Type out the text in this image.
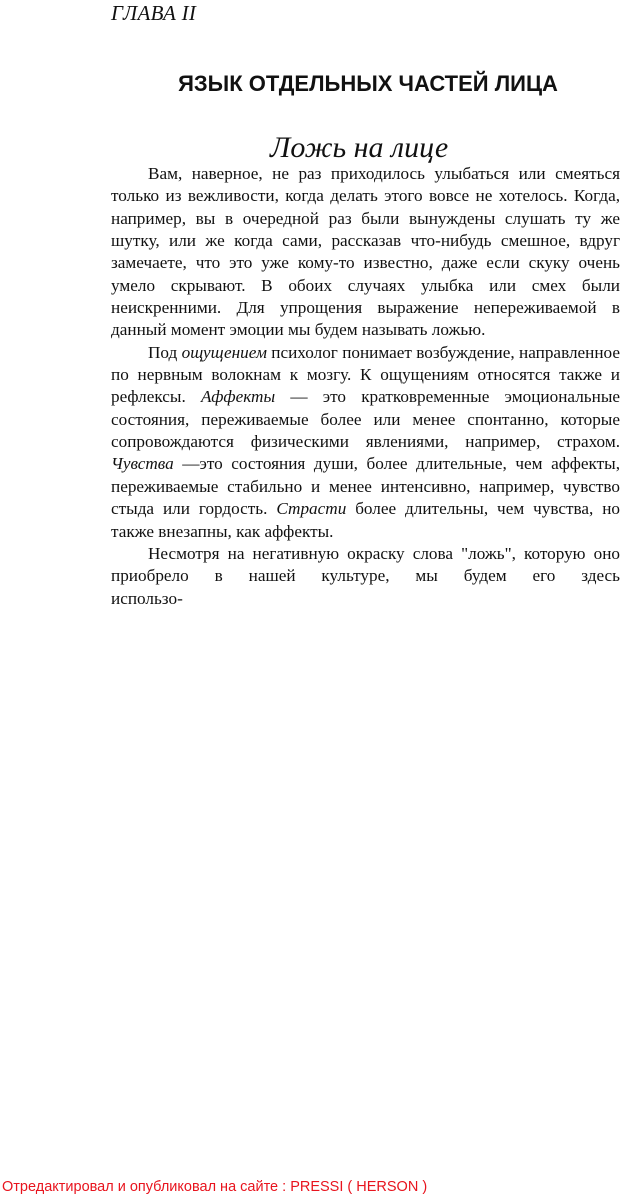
ГЛАВА II
ЯЗЫК ОТДЕЛЬНЫХ ЧАСТЕЙ ЛИЦА
Ложь на лице

Вам, наверное, не раз приходилось улыбаться или смеяться только из вежливости, когда делать этого вовсе не хотелось. Когда, например, вы в очередной раз были вынуждены слушать ту же шутку, или же когда сами, рассказав что-нибудь смешное, вдруг замечаете, что это уже кому-то известно, даже если скуку очень умело скрывают. В обоих случаях улыбка или смех были неискренними. Для упрощения выражение непереживаемой в данный момент эмоции мы будем называть ложью.

Под ощущением психолог понимает возбуждение, направленное по нервным волокнам к мозгу. К ощущениям относятся также и рефлексы. Аффекты — это кратковременные эмоциональные состояния, переживаемые более или менее спонтанно, которые сопровождаются физическими явлениями, например, страхом. Чувства —это состояния души, более длительные, чем аффекты, переживаемые стабильно и менее интенсивно, например, чувство стыда или гордость. Страсти более длительны, чем чувства, но также внезапны, как аффекты.

Несмотря на негативную окраску слова "ложь", которую оно приобрело в нашей культуре, мы будем его здесь

использо-

Отредактировал и опубликовал на сайте : PRESSI ( HERSON )
